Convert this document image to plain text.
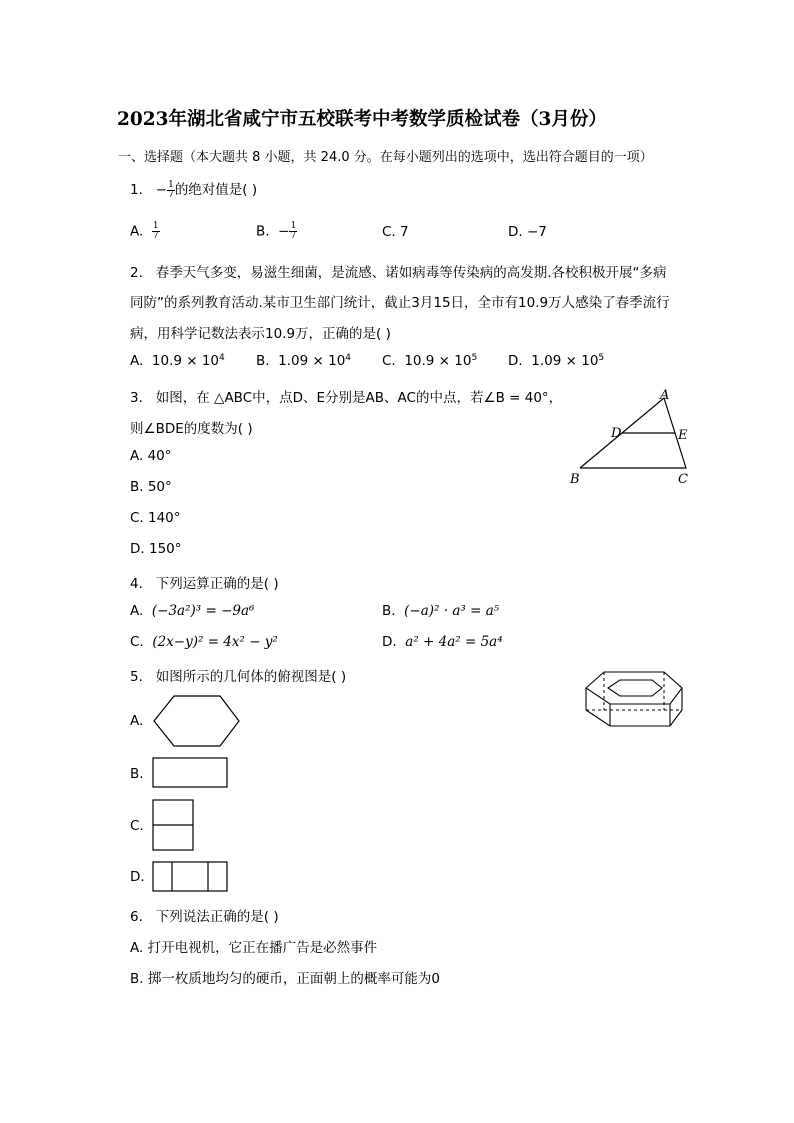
2023年湖北省咸宁市五校联考中考数学质检试卷（3月份）
一、选择题（本大题共 8 小题，共 24.0 分。在每小题列出的选项中，选出符合题目的一项）
1. − $\frac{1}{7}$ 的绝对值是( )
A. $\frac{1}{7}$	B. − $\frac{1}{7}$	C. 7	D. −7
2. 春季天气多变，易滋生细菌，是流感、诺如病毒等传染病的高发期.各校积极开展“多病
同防”的系列教育活动.某市卫生部门统计，截止3月15日，全市有10.9万人感染了春季流行
病，用科学记数法表示10.9万，正确的是( )
A. $10.9 \times 10^4$ B. $1.09 \times 10^4$ C. $10.9 \times 10^5$ D. $1.09 \times 10^5$
3. 如图，在 △ABC中，点D、E分别是AB、AC的中点，若∠B = 40°，
则∠BDE的度数为( )
A. 40°
B. 50°
C. 140°
D. 150°
A
D	E
B	C
4. 下列运算正确的是( )
A. (−3a²)³ = −9a⁶	B. (−a)² · a³ = a⁵
C. (2x−y)² = 4x² − y²	D. a² + 4a² = 5a⁴
5. 如图所示的几何体的俯视图是( )
A.
B.
C.
D.
6. 下列说法正确的是( )
A. 打开电视机，它正在播广告是必然事件
B. 掷一枚质地均匀的硬币，正面朝上的概率可能为0
